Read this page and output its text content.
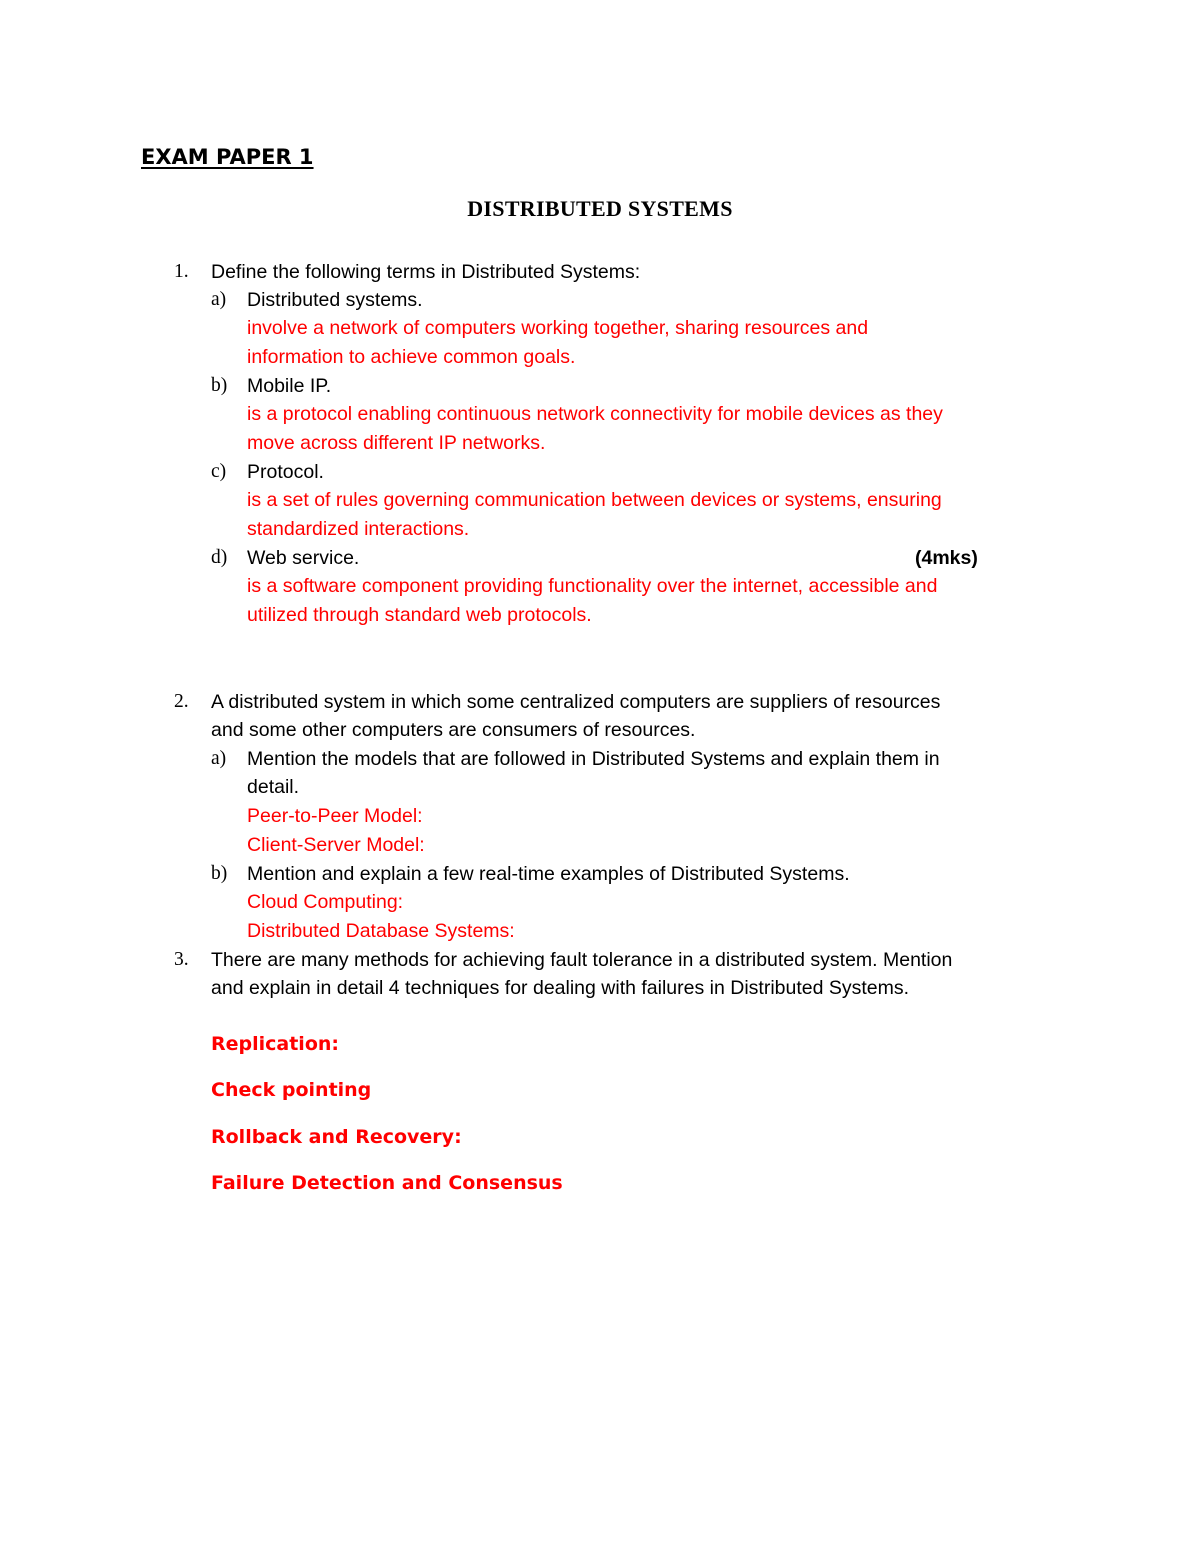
EXAM PAPER 1
DISTRIBUTED SYSTEMS
1. Define the following terms in Distributed Systems:
a) Distributed systems.
involve a network of computers working together, sharing resources and
information to achieve common goals.
b) Mobile IP.
is a protocol enabling continuous network connectivity for mobile devices as they
move across different IP networks.
c) Protocol.
is a set of rules governing communication between devices or systems, ensuring
standardized interactions.
d) Web service.	(4mks)
is a software component providing functionality over the internet, accessible and
utilized through standard web protocols.
2. A distributed system in which some centralized computers are suppliers of resources
and some other computers are consumers of resources.
a) Mention the models that are followed in Distributed Systems and explain them in
detail.
Peer-to-Peer Model:
Client-Server Model:
b) Mention and explain a few real-time examples of Distributed Systems.
Cloud Computing:
Distributed Database Systems:
3. There are many methods for achieving fault tolerance in a distributed system. Mention
and explain in detail 4 techniques for dealing with failures in Distributed Systems.
Replication:
Check pointing
Rollback and Recovery:
Failure Detection and Consensus
